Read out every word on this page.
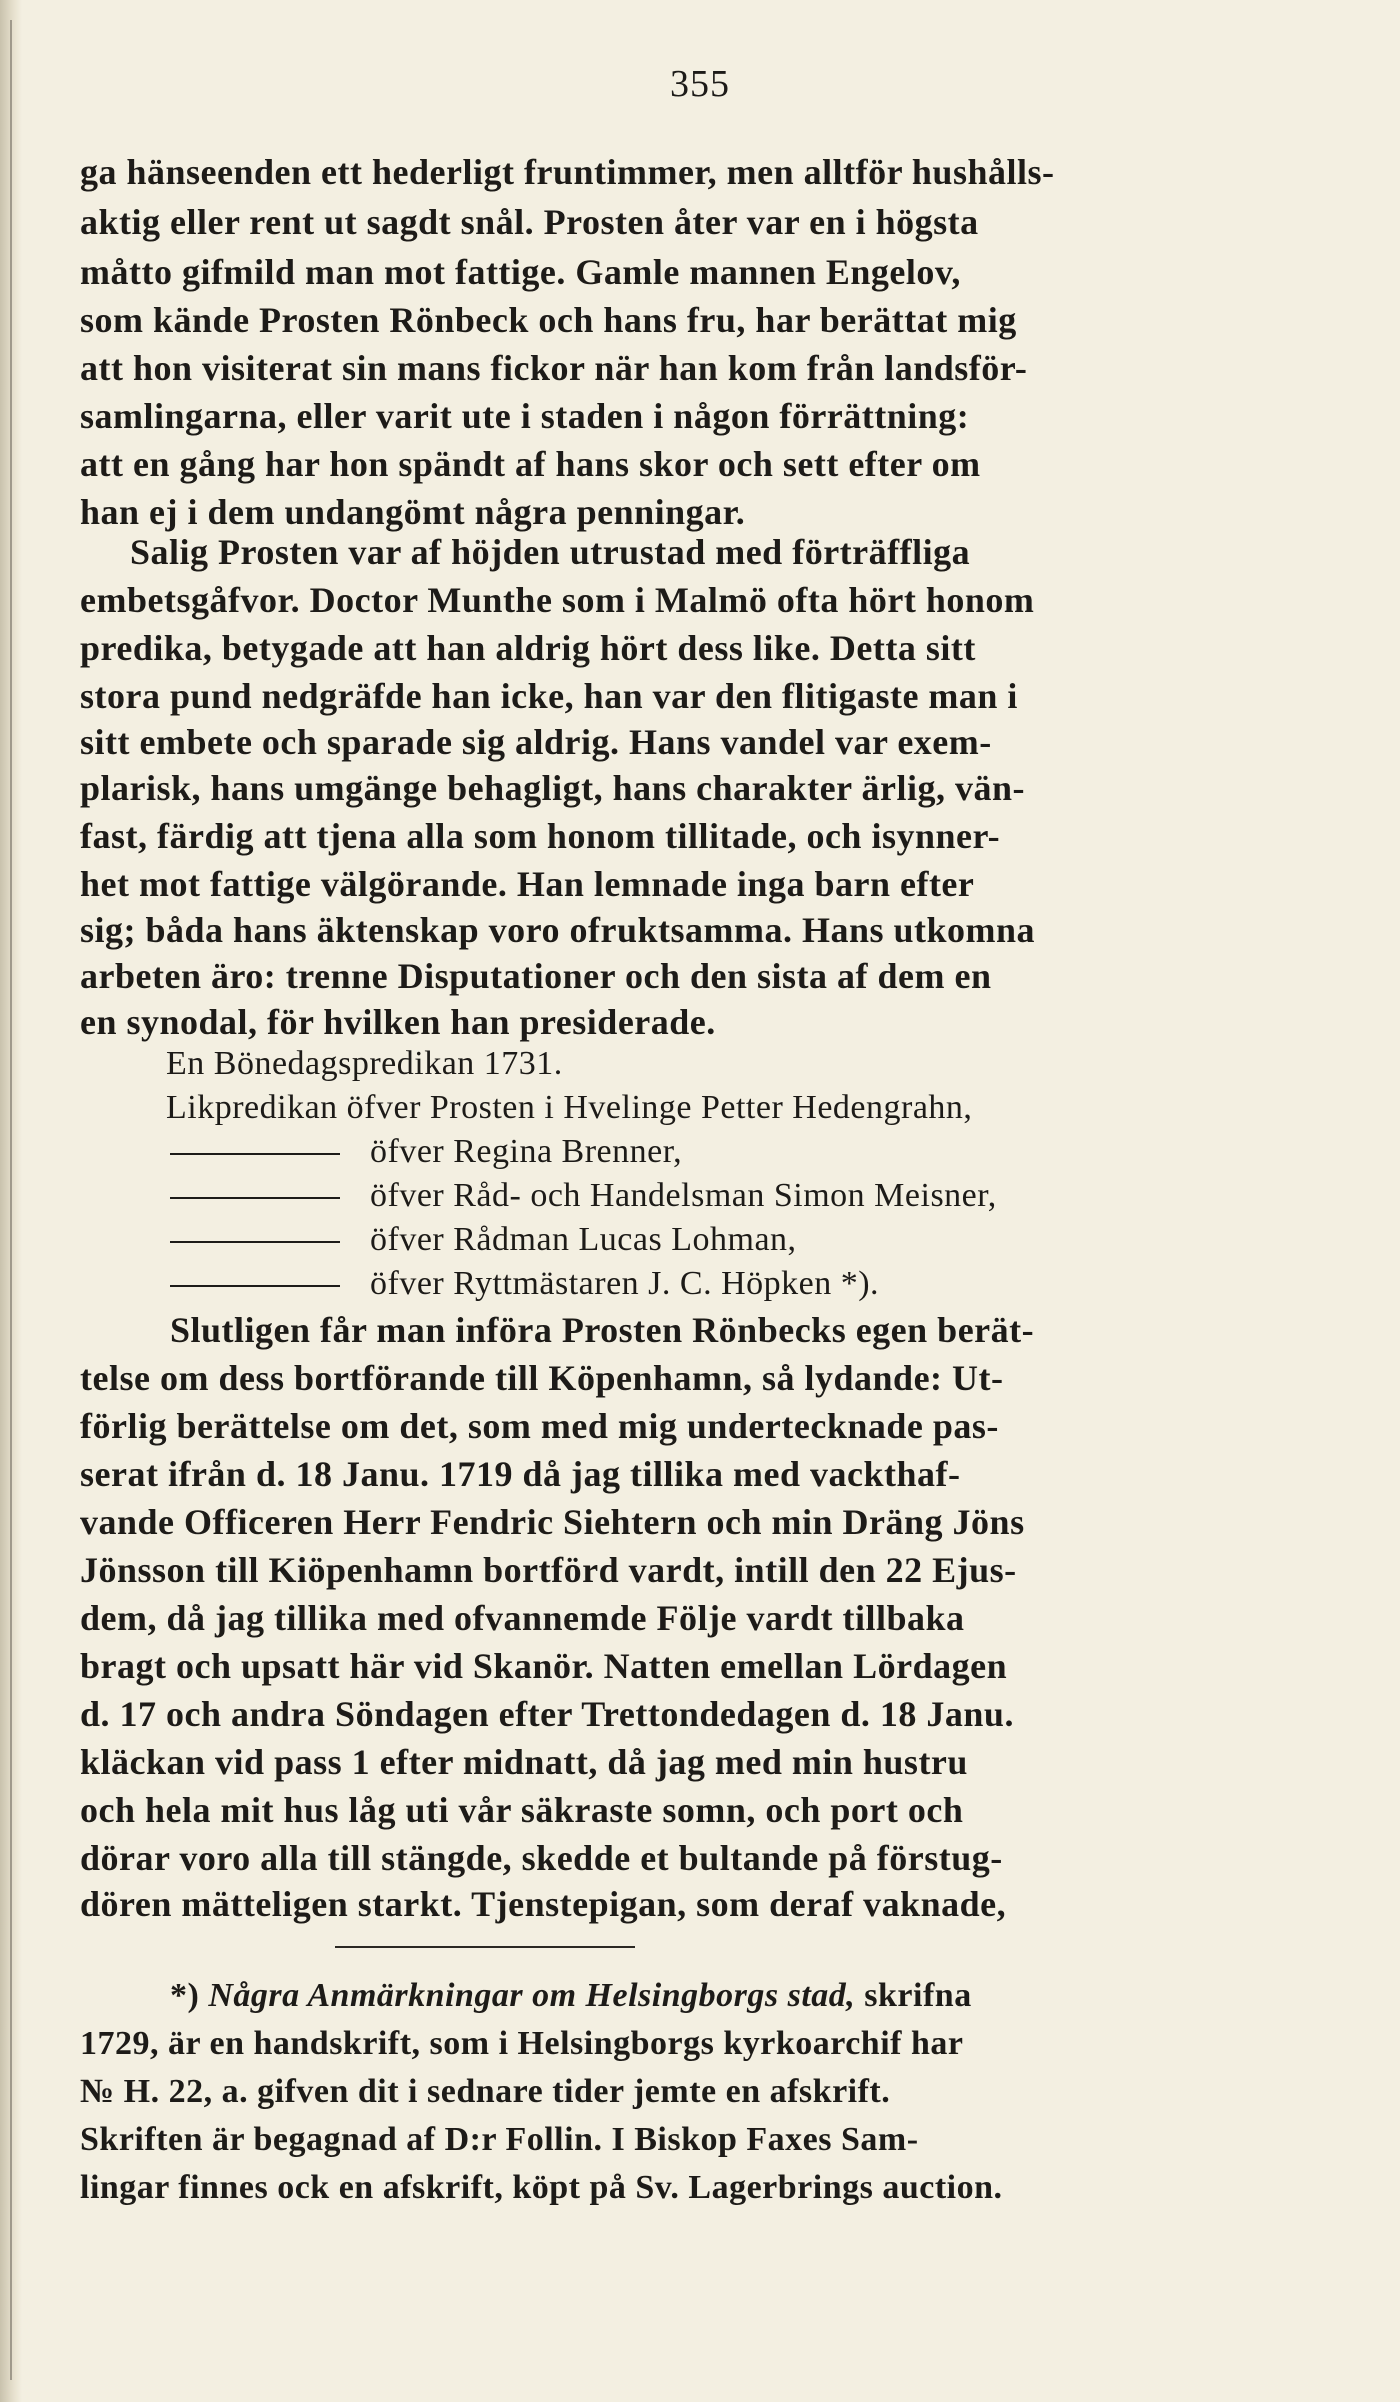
355
ga hänseenden ett hederligt fruntimmer, men alltför hushålls-
aktig eller rent ut sagdt snål. Prosten åter var en i högsta
måtto gifmild man mot fattige. Gamle mannen Engelov,
som kände Prosten Rönbeck och hans fru, har berättat mig
att hon visiterat sin mans fickor när han kom från landsför-
samlingarna, eller varit ute i staden i någon förrättning:
att en gång har hon spändt af hans skor och sett efter om
han ej i dem undangömt några penningar.
Salig Prosten var af höjden utrustad med förträffliga
embetsgåfvor. Doctor Munthe som i Malmö ofta hört honom
predika, betygade att han aldrig hört dess like. Detta sitt
stora pund nedgräfde han icke, han var den flitigaste man i
sitt embete och sparade sig aldrig. Hans vandel var exem-
plarisk, hans umgänge behagligt, hans charakter ärlig, vän-
fast, färdig att tjena alla som honom tillitade, och isynner-
het mot fattige välgörande. Han lemnade inga barn efter
sig; båda hans äktenskap voro ofruktsamma. Hans utkomna
arbeten äro: trenne Disputationer och den sista af dem en
en synodal, för hvilken han presiderade.
En Bönedagspredikan 1731.
Likpredikan öfver Prosten i Hvelinge Petter Hedengrahn,
öfver Regina Brenner,
öfver Råd- och Handelsman Simon Meisner,
öfver Rådman Lucas Lohman,
öfver Ryttmästaren J. C. Höpken *).
Slutligen får man införa Prosten Rönbecks egen berät-
telse om dess bortförande till Köpenhamn, så lydande: Ut-
förlig berättelse om det, som med mig undertecknade pas-
serat ifrån d. 18 Janu. 1719 då jag tillika med vackthaf-
vande Officeren Herr Fendric Siehtern och min Dräng Jöns
Jönsson till Kiöpenhamn bortförd vardt, intill den 22 Ejus-
dem, då jag tillika med ofvannemde Följe vardt tillbaka
bragt och upsatt här vid Skanör. Natten emellan Lördagen
d. 17 och andra Söndagen efter Trettondedagen d. 18 Janu.
kläckan vid pass 1 efter midnatt, då jag med min hustru
och hela mit hus låg uti vår säkraste somn, och port och
dörar voro alla till stängde, skedde et bultande på förstug-
dören mätteligen starkt. Tjenstepigan, som deraf vaknade,
*) Några Anmärkningar om Helsingborgs stad, skrifna
1729, är en handskrift, som i Helsingborgs kyrkoarchif har
№ H. 22, a. gifven dit i sednare tider jemte en afskrift.
Skriften är begagnad af D:r Follin. I Biskop Faxes Sam-
lingar finnes ock en afskrift, köpt på Sv. Lagerbrings auction.
